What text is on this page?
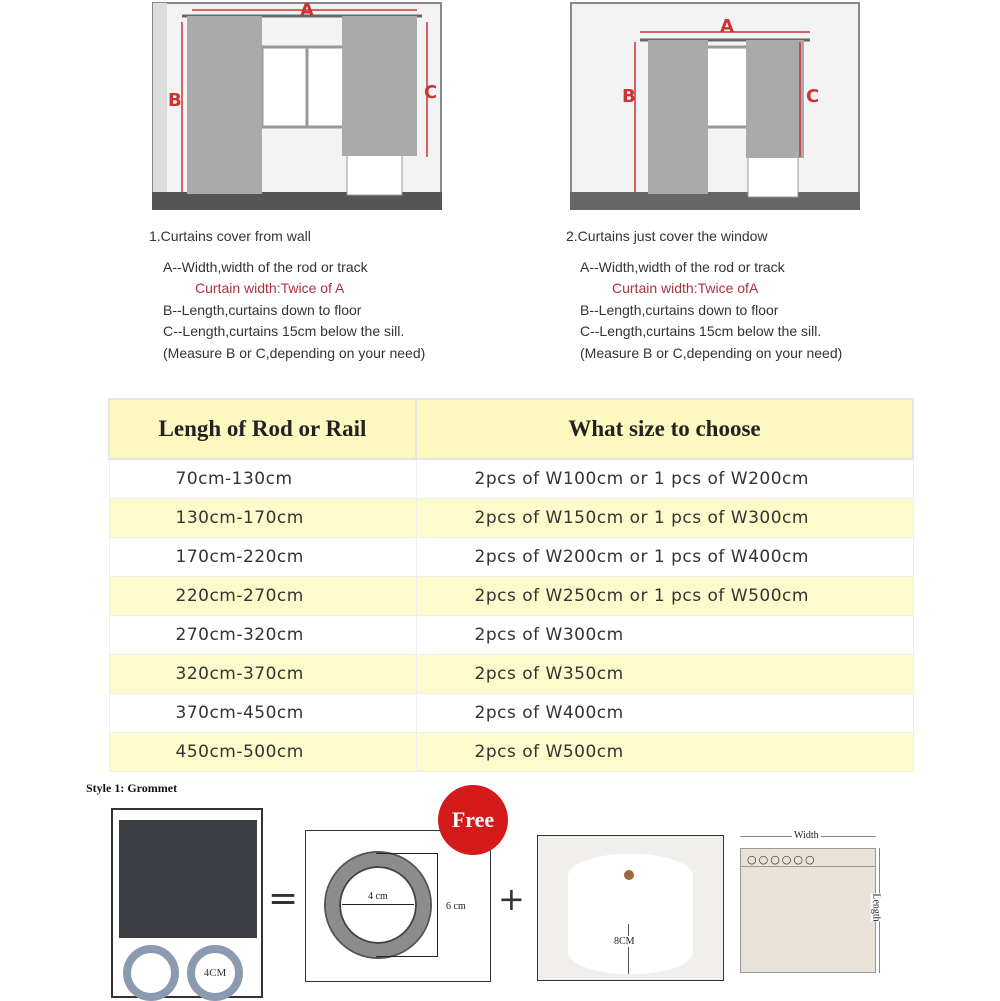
A
B	C
A
B	C
1.Curtains cover from wall
A--Width,width of the rod or track
Curtain width:Twice of A
B--Length,curtains down to floor
C--Length,curtains 15cm below the sill.
(Measure B or C,depending on your need)
2.Curtains just cover the window
A--Width,width of the rod or track
Curtain width:Twice ofA
B--Length,curtains down to floor
C--Length,curtains 15cm below the sill.
(Measure B or C,depending on your need)
Lengh of Rod or Rail	What size to choose
70cm-130cm	2pcs of W100cm or 1 pcs of W200cm
130cm-170cm	2pcs of W150cm or 1 pcs of W300cm
170cm-220cm	2pcs of W200cm or 1 pcs of W400cm
220cm-270cm	2pcs of W250cm or 1 pcs of W500cm
270cm-320cm	2pcs of W300cm
320cm-370cm	2pcs of W350cm
370cm-450cm	2pcs of W400cm
450cm-500cm	2pcs of W500cm
Style 1: Grommet
4CM
=	4 cm
6 cm
Free
+
8CM
Width
○○○○○○
Length
